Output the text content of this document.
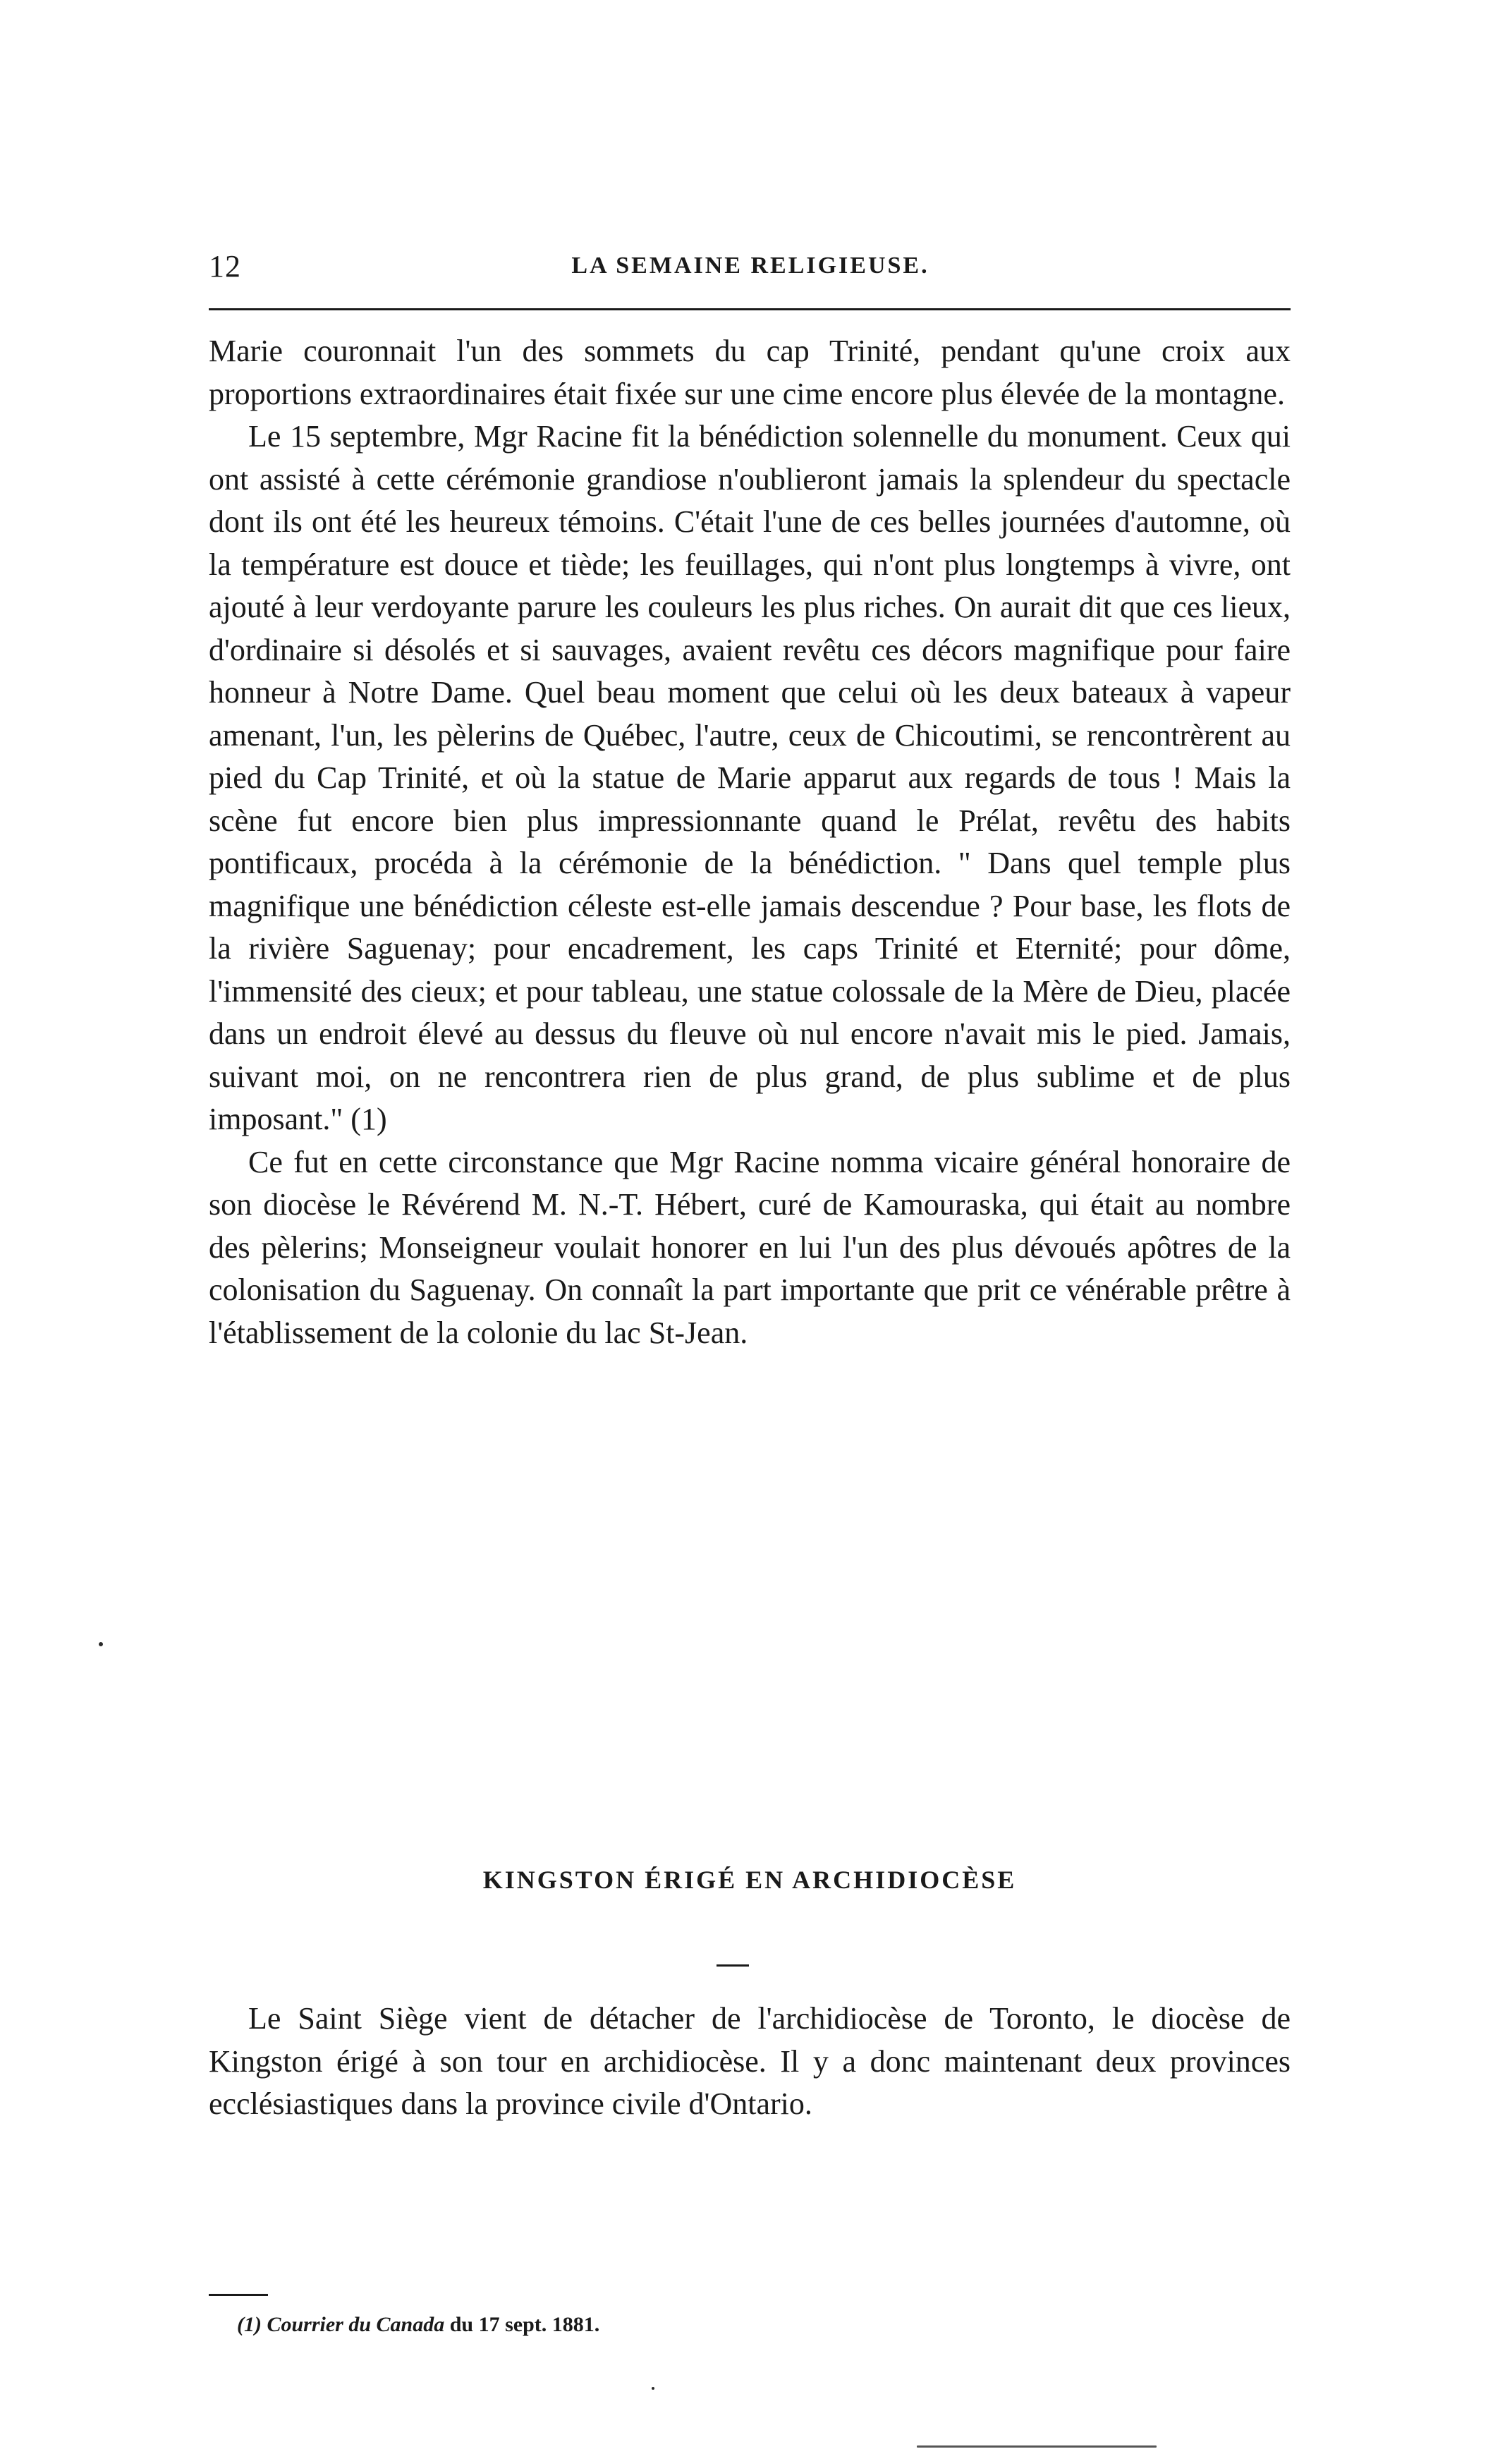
12	LA SEMAINE RELIGIEUSE.

Marie couronnait l'un des sommets du cap Trinité, pendant qu'une croix aux proportions extraordinaires était fixée sur une cime encore plus élevée de la montagne.

Le 15 septembre, Mgr Racine fit la bénédiction solennelle du monument. Ceux qui ont assisté à cette cérémonie grandiose n'oublieront jamais la splendeur du spectacle dont ils ont été les heureux témoins. C'était l'une de ces belles journées d'automne, où la température est douce et tiède; les feuillages, qui n'ont plus longtemps à vivre, ont ajouté à leur verdoyante parure les couleurs les plus riches. On aurait dit que ces lieux, d'ordinaire si désolés et si sauvages, avaient revêtu ces décors magnifique pour faire honneur à Notre Dame. Quel beau moment que celui où les deux bateaux à vapeur amenant, l'un, les pèlerins de Québec, l'autre, ceux de Chicoutimi, se rencontrèrent au pied du Cap Trinité, et où la statue de Marie apparut aux regards de tous ! Mais la scène fut encore bien plus impressionnante quand le Prélat, revêtu des habits pontificaux, procéda à la cérémonie de la bénédiction. " Dans quel temple plus magnifique une bénédiction céleste est-elle jamais descendue ? Pour base, les flots de la rivière Saguenay; pour encadrement, les caps Trinité et Eternité; pour dôme, l'immensité des cieux; et pour tableau, une statue colossale de la Mère de Dieu, placée dans un endroit élevé au dessus du fleuve où nul encore n'avait mis le pied. Jamais, suivant moi, on ne rencontrera rien de plus grand, de plus sublime et de plus imposant." (1)

Ce fut en cette circonstance que Mgr Racine nomma vicaire général honoraire de son diocèse le Révérend M. N.-T. Hébert, curé de Kamouraska, qui était au nombre des pèlerins; Monseigneur voulait honorer en lui l'un des plus dévoués apôtres de la colonisation du Saguenay. On connaît la part importante que prit ce vénérable prêtre à l'établissement de la colonie du lac St-Jean.

KINGSTON ÉRIGÉ EN ARCHIDIOCÈSE

Le Saint Siège vient de détacher de l'archidiocèse de Toronto, le diocèse de Kingston érigé à son tour en archidiocèse. Il y a donc maintenant deux provinces ecclésiastiques dans la province civile d'Ontario.

(1) Courrier du Canada du 17 sept. 1881.
